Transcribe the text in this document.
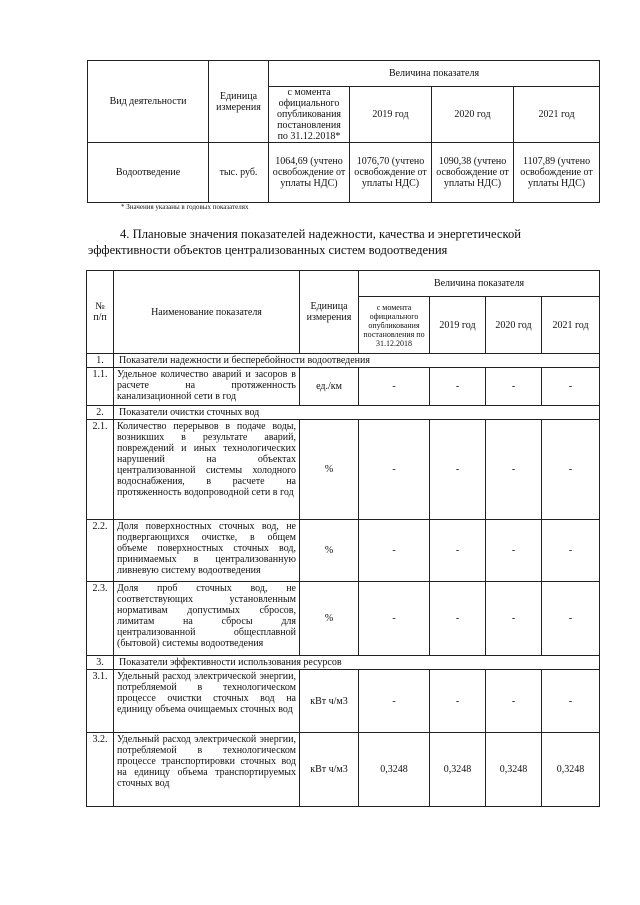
Вид деятельности	Единица измерения	Величина показателя			
		с момента официального опубликования постановления по 31.12.2018*	2019 год	2020 год	2021 год
Водоотведение	тыс. руб.	1064,69 (учтено освобождение от уплаты НДС)	1076,70 (учтено освобождение от уплаты НДС)	1090,38 (учтено освобождение от уплаты НДС)	1107,89 (учтено освобождение от уплаты НДС)
* Значения указаны в годовых показателях
4. Плановые значения показателей надежности, качества и энергетической
эффективности объектов централизованных систем водоотведения
№ п/п	Наименование показателя	Единица измерения	Величина показателя			
			с момента официального опубликования постановления по 31.12.2018	2019 год	2020 год	2021 год
1.	Показатели надежности и бесперебойности водоотведения					
1.1.	Удельное количество аварий и засоров в расчете на протяженность канализационной сети в год	ед./км	-	-	-	-
2.	Показатели очистки сточных вод					
2.1.	Количество перерывов в подаче воды, возникших в результате аварий, повреждений и иных технологических нарушений на объектах централизованной системы холодного водоснабжения, в расчете на протяженность водопроводной сети в год	%	-	-	-	-
2.2.	Доля поверхностных сточных вод, не подвергающихся очистке, в общем объеме поверхностных сточных вод, принимаемых в централизованную ливневую систему водоотведения	%	-	-	-	-
2.3.	Доля проб сточных вод, не соответствующих установленным нормативам допустимых сбросов, лимитам на сбросы для централизованной общесплавной (бытовой) системы водоотведения	%	-	-	-	-
3.	Показатели эффективности использования ресурсов					
3.1.	Удельный расход электрической энергии, потребляемой в технологическом процессе очистки сточных вод на единицу объема очищаемых сточных вод	кВт ч/м3	-	-	-	-
3.2.	Удельный расход электрической энергии, потребляемой в технологическом процессе транспортировки сточных вод на единицу объема транспортируемых сточных вод	кВт ч/м3	0,3248	0,3248	0,3248	0,3248
